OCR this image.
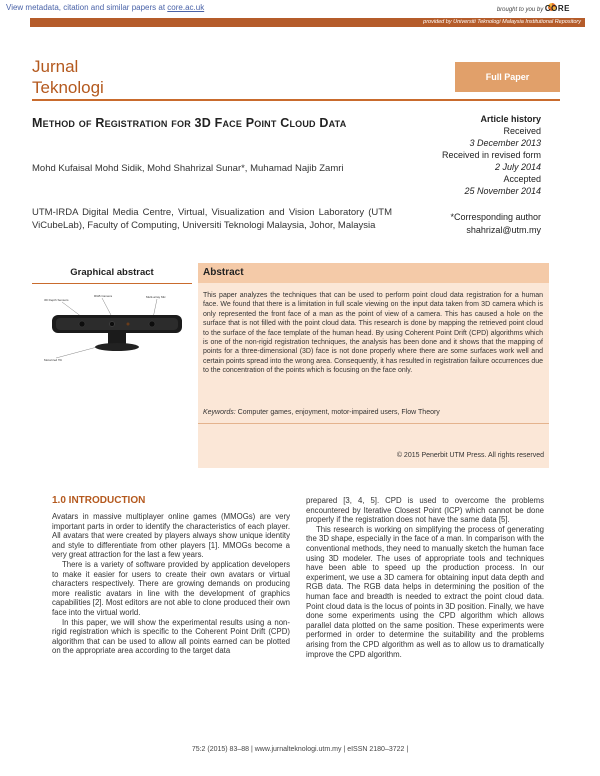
View metadata, citation and similar papers at core.ac.uk	brought to you by CORE
provided by Universiti Teknologi Malaysia Institutional Repository
Jurnal
Teknologi
Full Paper
Method of Registration for 3D Face Point Cloud Data
Mohd Kufaisal Mohd Sidik, Mohd Shahrizal Sunar*, Muhamad Najib Zamri
UTM-IRDA Digital Media Centre, Virtual, Visualization and Vision Laboratory (UTM ViCubeLab), Faculty of Computing, Universiti Teknologi Malaysia, Johor, Malaysia
Article history
Received
3 December 2013
Received in revised form
2 July 2014
Accepted
25 November 2014
*Corresponding author
shahrizal@utm.my
Graphical abstract
3D Depth Sensors
RGB Camera	Multi-array Mic
Motorized Tilt
Abstract
This paper analyzes the techniques that can be used to perform point cloud data registration for a human face. We found that there is a limitation in full scale viewing on the input data taken from 3D camera which is only represented the front face of a man as the point of view of a camera. This has caused a hole on the surface that is not filled with the point cloud data. This research is done by mapping the retrieved point cloud to the surface of the face template of the human head. By using Coherent Point Drift (CPD) algorithms which is one of the non-rigid registration techniques, the analysis has been done and it shows that the mapping of points for a three-dimensional (3D) face is not done properly where there are some surfaces work well and certain points spread into the wrong area. Consequently, it has resulted in registration failure occurrences due to the concentration of the points which is focusing on the face only.
Keywords: Computer games, enjoyment, motor-impaired users, Flow Theory
© 2015 Penerbit UTM Press. All rights reserved
1.0 INTRODUCTION

Avatars in massive multiplayer online games (MMOGs) are very important parts in order to identify the characteristics of each player. All avatars that were created by players always show unique identity and style to differentiate from other players [1]. MMOGs become a very great attraction for the last a few years.

There is a variety of software provided by application developers to make it easier for users to create their own avatars or virtual characters respectively. There are growing demands on producing more realistic avatars in line with the development of graphics capabilities [2]. Most editors are not able to clone produced their own face into the virtual world.

In this paper, we will show the experimental results using a non-rigid registration which is specific to the Coherent Point Drift (CPD) algorithm that can be used to allow all points earned can be plotted on the appropriate area according to the target data

prepared [3, 4, 5]. CPD is used to overcome the problems encountered by Iterative Closest Point (ICP) which cannot be done properly if the registration does not have the same data [5].

This research is working on simplifying the process of generating the 3D shape, especially in the face of a man. In comparison with the conventional methods, they need to manually sketch the human face using 3D modeler. The uses of appropriate tools and techniques have been able to speed up the production process. In our experiment, we use a 3D camera for obtaining input data depth and RGB data. The RGB data helps in determining the position of the human face and breadth is needed to extract the point cloud data. Point cloud data is the locus of points in 3D position. Finally, we have done some experiments using the CPD algorithm which allows parallel data plotted on the same position. These experiments were performed in order to determine the suitability and the problems arising from the CPD algorithm as well as to allow us to dramatically improve the CPD algorithm.

75:2 (2015) 83–88 | www.jurnalteknologi.utm.my | eISSN 2180–3722 |
